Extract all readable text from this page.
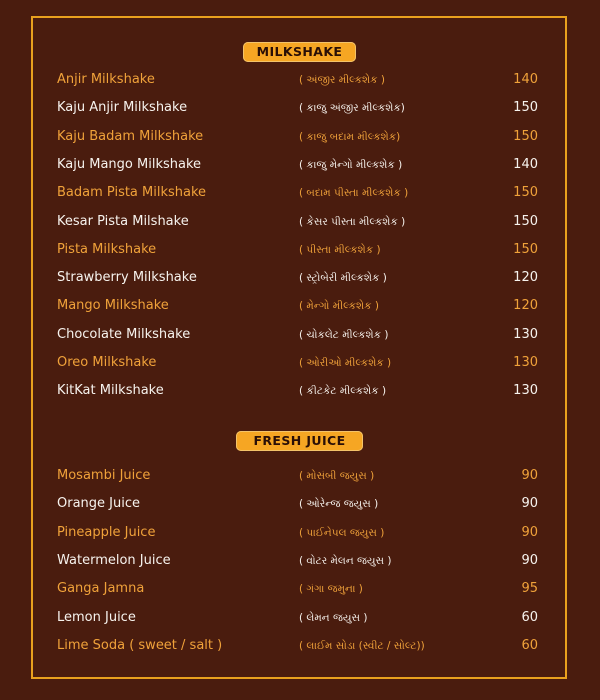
MILKSHAKE
Anjir Milkshake	( અંજીર મીલ્કશેક )	140
Kaju Anjir Milkshake	( કાજુ અંજીર મીલ્કશેક)	150
Kaju Badam Milkshake	( કાજુ બદામ મીલ્કશેક)	150
Kaju Mango Milkshake	( કાજુ મેન્ગો મીલ્કશેક )	140
Badam Pista Milkshake	( બદામ પીસ્તા મીલ્કશેક )	150
Kesar Pista Milshake	( કેસર પીસ્તા મીલ્કશેક )	150
Pista Milkshake	( પીસ્તા મીલ્કશેક )	150
Strawberry Milkshake	( સ્ટ્રોબેરી મીલ્કશેક )	120
Mango Milkshake	( મેન્ગો મીલ્કશેક )	120
Chocolate Milkshake	( ચોકલેટ મીલ્કશેક )	130
Oreo Milkshake	( ઓરીઓ મીલ્કશેક )	130
KitKat Milkshake	( કીટકેટ મીલ્કશેક )	130
FRESH JUICE
Mosambi Juice	( મોસંબી જયુસ )	90
Orange Juice	( ઓરેન્જ જયુસ )	90
Pineapple Juice	( પાઈનેપલ જયુસ )	90
Watermelon Juice	( વોટર મેલન જયુસ )	90
Ganga Jamna	( ગંગા જમુના )	95
Lemon Juice	( લેમન જયુસ )	60
Lime Soda ( sweet / salt )	( લાઈમ સોડા (સ્વીટ / સોલ્ટ))	60
